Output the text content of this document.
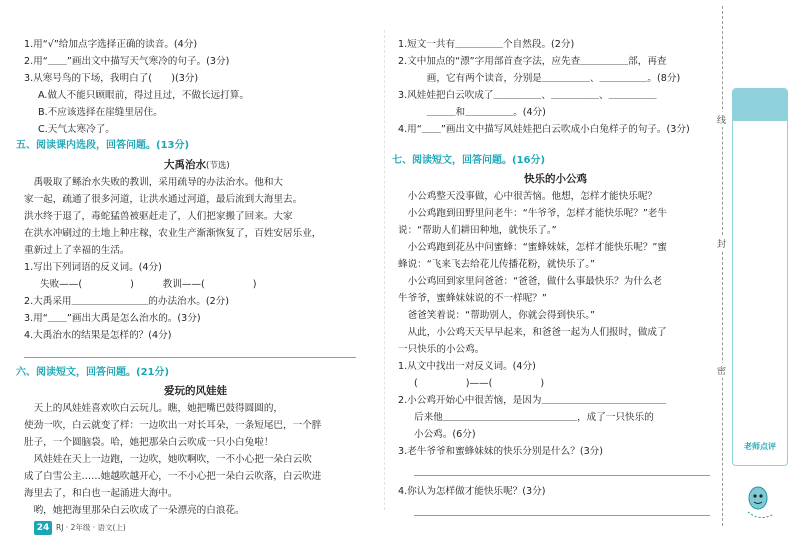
1.用“√”给加点字选择正确的读音。(4分)
2.用“＿＿”画出文中描写天气寒冷的句子。(3分)
3.从寒号鸟的下场，我明白了(　　)(3分)
A.做人不能只顾眼前，得过且过，不做长远打算。
B.不应该选择在崖缝里居住。
C.天气太寒冷了。
五、阅读课内选段，回答问题。(13分)
大禹治水(节选)
　禹吸取了鲧治水失败的教训，采用疏导的办法治水。他和大
家一起，疏通了很多河道，让洪水通过河道，最后流到大海里去。
洪水终于退了，毒蛇猛兽被驱赶走了，人们把家搬了回来。大家
在洪水冲刷过的土地上种庄稼，农业生产渐渐恢复了，百姓安居乐业，
重新过上了幸福的生活。
1.写出下列词语的反义词。(4分)
失败——(　　　　　)　　　教训——(　　　　　)
2.大禹采用＿＿＿＿＿＿＿＿的办法治水。(2分)
3.用“＿＿”画出大禹是怎么治水的。(3分)
4.大禹治水的结果是怎样的？(4分)
六、阅读短文，回答问题。(21分)
爱玩的风娃娃
　天上的风娃娃喜欢吹白云玩儿。瞧，她把嘴巴鼓得圆圆的，
使劲一吹，白云就变了样：一边吹出一对长耳朵，一条短尾巴，一个胖
肚子，一个圆脑袋。哈，她把那朵白云吹成一只小白兔啦！
　风娃娃在天上一边跑，一边吹，她吹啊吹，一不小心把一朵白云吹
成了白雪公主……她越吹越开心，一不小心把一朵白云吹落，白云吹进
海里去了，和白也一起涌进大海中。
　哟，她把海里那朵白云吹成了一朵漂亮的白浪花。
1.短文一共有＿＿＿＿＿个自然段。(2分)
2.文中加点的“漂”字用部首查字法，应先查＿＿＿＿＿部，再查
　　　画，它有两个读音，分别是＿＿＿＿＿、＿＿＿＿＿。(8分)
3.风娃娃把白云吹成了＿＿＿＿＿、＿＿＿＿＿、＿＿＿＿＿
　　　＿＿＿和＿＿＿＿＿。(4分)
4.用“＿＿”画出文中描写风娃娃把白云吹成小白兔样子的句子。(3分)
七、阅读短文，回答问题。(16分)
快乐的小公鸡
　小公鸡整天没事做，心中很苦恼。他想，怎样才能快乐呢？
　小公鸡跑到田野里问老牛：“牛爷爷，怎样才能快乐呢？”老牛
说：“帮助人们耕田种地，就快乐了。”
　小公鸡跑到花丛中问蜜蜂：“蜜蜂妹妹，怎样才能快乐呢？”蜜
蜂说：“飞来飞去给花儿传播花粉，就快乐了。”
　小公鸡回到家里问爸爸：“爸爸，做什么事最快乐？为什么老
牛爷爷，蜜蜂妹妹说的不一样呢？”
　爸爸笑着说：“帮助别人，你就会得到快乐。”
　从此，小公鸡天天早早起来，和爸爸一起为人们报时，做成了
一只快乐的小公鸡。
1.从文中找出一对反义词。(4分)
(　　　　　)——(　　　　　)
2.小公鸡开始心中很苦恼，是因为＿＿＿＿＿＿＿＿＿＿＿＿＿
后来他＿＿＿＿＿＿＿＿＿＿＿＿＿＿，成了一只快乐的
小公鸡。(6分)
3.老牛爷爷和蜜蜂妹妹的快乐分别是什么？(3分)
4.你认为怎样做才能快乐呢？(3分)
线
封
密
老师点评
24 RJ · 2年级 · 语文(上)
